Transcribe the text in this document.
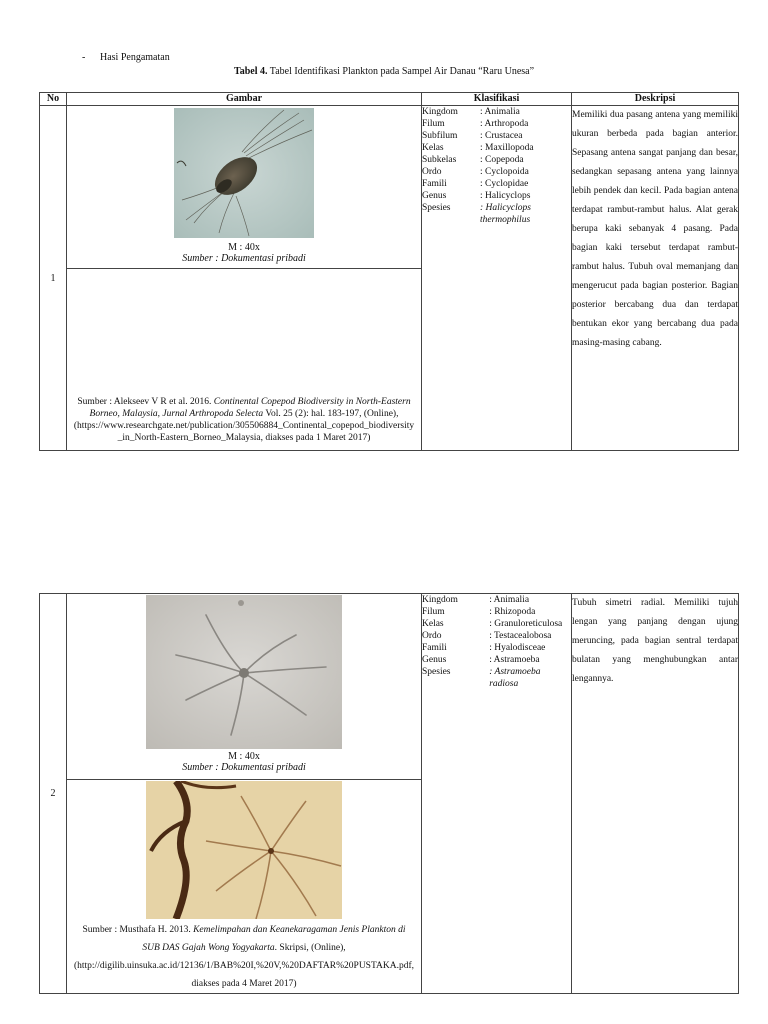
- Hasi Pengamatan
Tabel 4. Tabel Identifikasi Plankton pada Sampel Air Danau “Raru Unesa”
No	Gambar	Klasifikasi	Deskripsi
1	
M : 40x
Sumber : Dokumentasi pribadi

Kingdom	: Animalia
Filum	: Arthropoda
Subfilum	: Crustacea
Kelas	: Maxillopoda
Subkelas	: Copepoda
Ordo	: Cyclopoida
Famili	: Cyclopidae
Genus	: Halicyclops
Spesies	: Halicyclops thermophilus
	Memiliki dua pasang antena yang memiliki ukuran berbeda pada bagian anterior. Sepasang antena sangat panjang dan besar, sedangkan sepasang antena yang lainnya lebih pendek dan kecil. Pada bagian antena terdapat rambut-rambut halus. Alat gerak berupa kaki sebanyak 4 pasang. Pada bagian kaki tersebut terdapat rambut-rambut halus. Tubuh oval memanjang dan mengerucut pada bagian posterior. Bagian posterior bercabang dua dan terdapat bentukan ekor yang bercabang dua pada masing-masing cabang.

Sumber : Alekseev V R et al. 2016. Continental Copepod Biodiversity in North-Eastern Borneo, Malaysia, Jurnal Arthropoda Selecta Vol. 25 (2): hal. 183-197, (Online),
(https://www.researchgate.net/publication/305506884_Continental_copepod_biodiversity_in_North-Eastern_Borneo_Malaysia, diakses pada 1 Maret 2017)
2	
M : 40x
Sumber : Dokumentasi pribadi

Kingdom	: Animalia
Filum	: Rhizopoda
Kelas	: Granuloreticulosa
Ordo	: Testacealobosa
Famili	: Hyalodisceae
Genus	: Astramoeba
Spesies	: Astramoeba radiosa
	Tubuh simetri radial. Memiliki tujuh lengan yang panjang dengan ujung meruncing, pada bagian sentral terdapat bulatan yang menghubungkan antar lengannya.

Sumber : Musthafa H. 2013. Kemelimpahan dan Keanekaragaman Jenis Plankton di SUB DAS Gajah Wong Yogyakarta. Skripsi, (Online),
(http://digilib.uinsuka.ac.id/12136/1/BAB%20I,%20V,%20DAFTAR%20PUSTAKA.pdf, diakses pada 4 Maret 2017)
